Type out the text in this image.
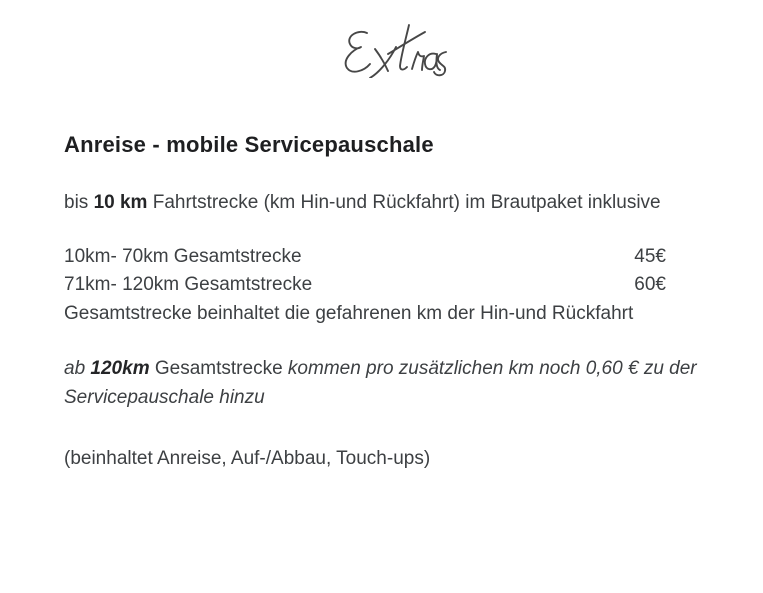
Anreise - mobile Servicepauschale

bis 10 km Fahrtstrecke (km Hin-und Rückfahrt) im Brautpaket inklusive

10km- 70km Gesamtstrecke	45€
71km- 120km Gesamtstrecke	60€
Gesamtstrecke beinhaltet die gefahrenen km der Hin-und Rückfahrt

ab 120km Gesamtstrecke kommen pro zusätzlichen km noch 0,60 € zu der
Servicepauschale hinzu

(beinhaltet Anreise, Auf-/Abbau, Touch-ups)
